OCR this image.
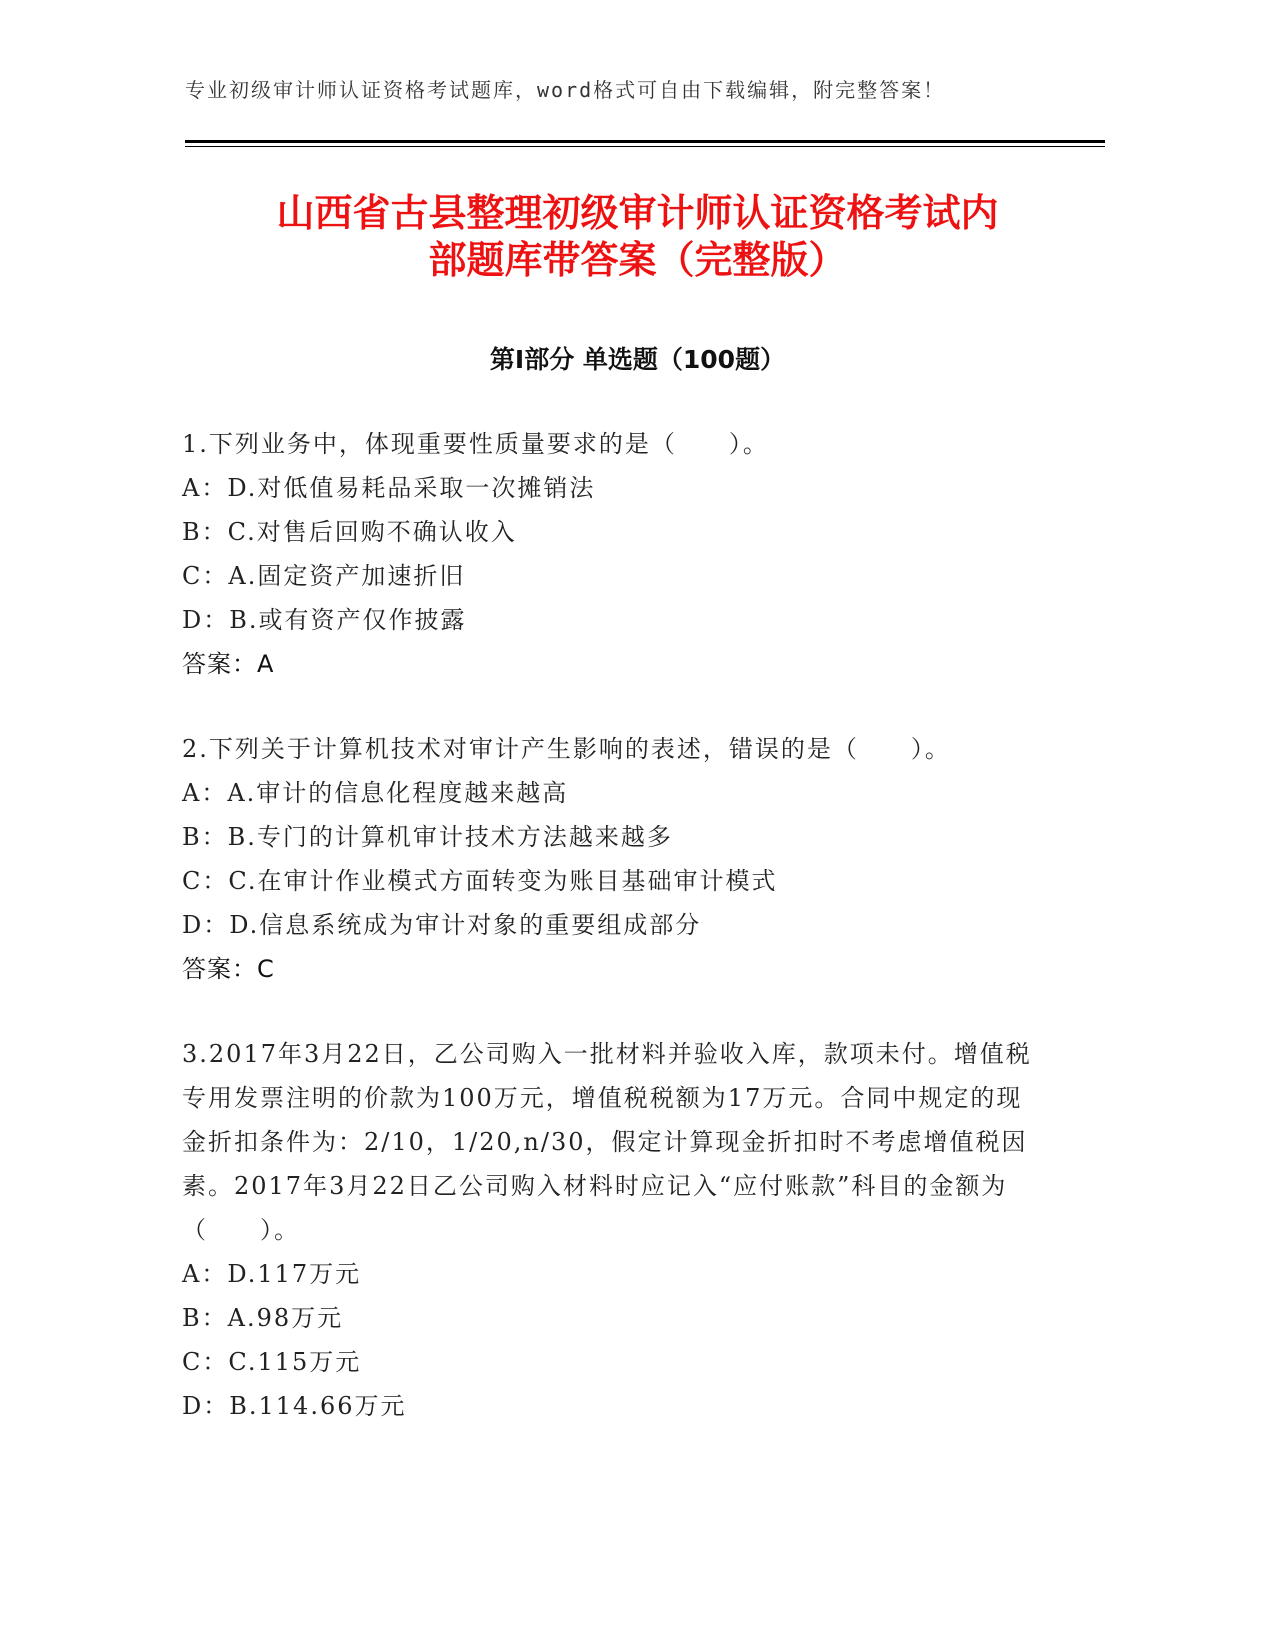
专业初级审计师认证资格考试题库，word格式可自由下载编辑，附完整答案！
山西省古县整理初级审计师认证资格考试内
部题库带答案（完整版）
第Ⅰ部分 单选题（100题）
1.下列业务中，体现重要性质量要求的是（　　）。
A：D.对低值易耗品采取一次摊销法
B：C.对售后回购不确认收入
C：A.固定资产加速折旧
D：B.或有资产仅作披露
答案：A
2.下列关于计算机技术对审计产生影响的表述，错误的是（　　）。
A：A.审计的信息化程度越来越高
B：B.专门的计算机审计技术方法越来越多
C：C.在审计作业模式方面转变为账目基础审计模式
D：D.信息系统成为审计对象的重要组成部分
答案：C
3.2017年3月22日，乙公司购入一批材料并验收入库，款项未付。增值税专用发票注明的价款为100万元，增值税税额为17万元。合同中规定的现金折扣条件为：2/10，1/20,n/30，假定计算现金折扣时不考虑增值税因素。2017年3月22日乙公司购入材料时应记入“应付账款”科目的金额为（　　）。
A：D.117万元
B：A.98万元
C：C.115万元
D：B.114.66万元
